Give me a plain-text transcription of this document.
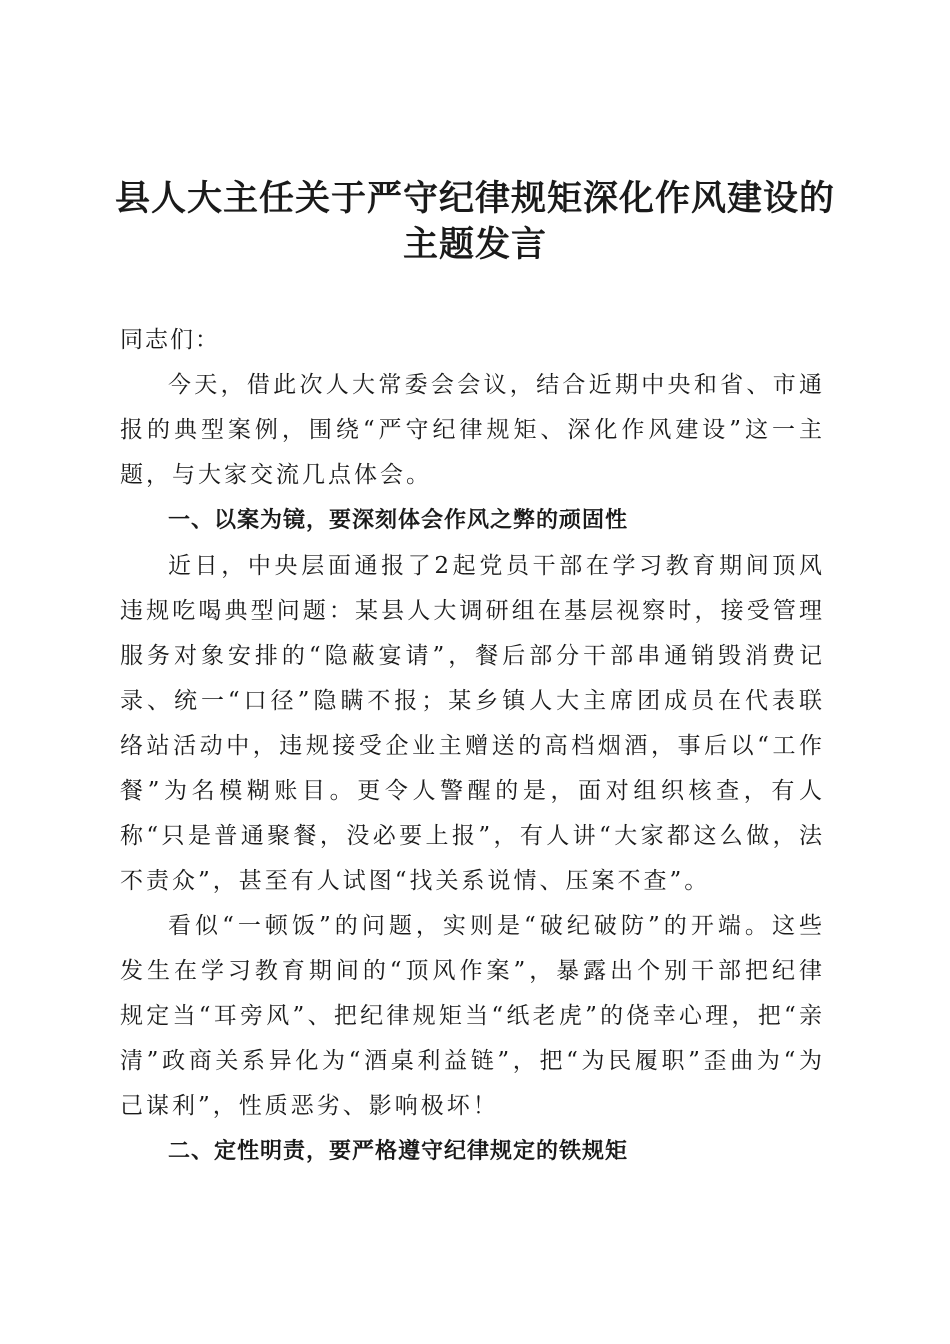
县人大主任关于严守纪律规矩深化作风建设的
主题发言

同志们：

今天，借此次人大常委会会议，结合近期中央和省、市通报的典型案例，围绕“严守纪律规矩、深化作风建设”这一主题，与大家交流几点体会。

一、以案为镜，要深刻体会作风之弊的顽固性

近日，中央层面通报了2起党员干部在学习教育期间顶风违规吃喝典型问题：某县人大调研组在基层视察时，接受管理服务对象安排的“隐蔽宴请”，餐后部分干部串通销毁消费记录、统一“口径”隐瞒不报；某乡镇人大主席团成员在代表联络站活动中，违规接受企业主赠送的高档烟酒，事后以“工作餐”为名模糊账目。更令人警醒的是，面对组织核查，有人称“只是普通聚餐，没必要上报”，有人讲“大家都这么做，法不责众”，甚至有人试图“找关系说情、压案不查”。

看似“一顿饭”的问题，实则是“破纪破防”的开端。这些发生在学习教育期间的“顶风作案”，暴露出个别干部把纪律规定当“耳旁风”、把纪律规矩当“纸老虎”的侥幸心理，把“亲清”政商关系异化为“酒桌利益链”，把“为民履职”歪曲为“为己谋利”，性质恶劣、影响极坏！

二、定性明责，要严格遵守纪律规定的铁规矩
